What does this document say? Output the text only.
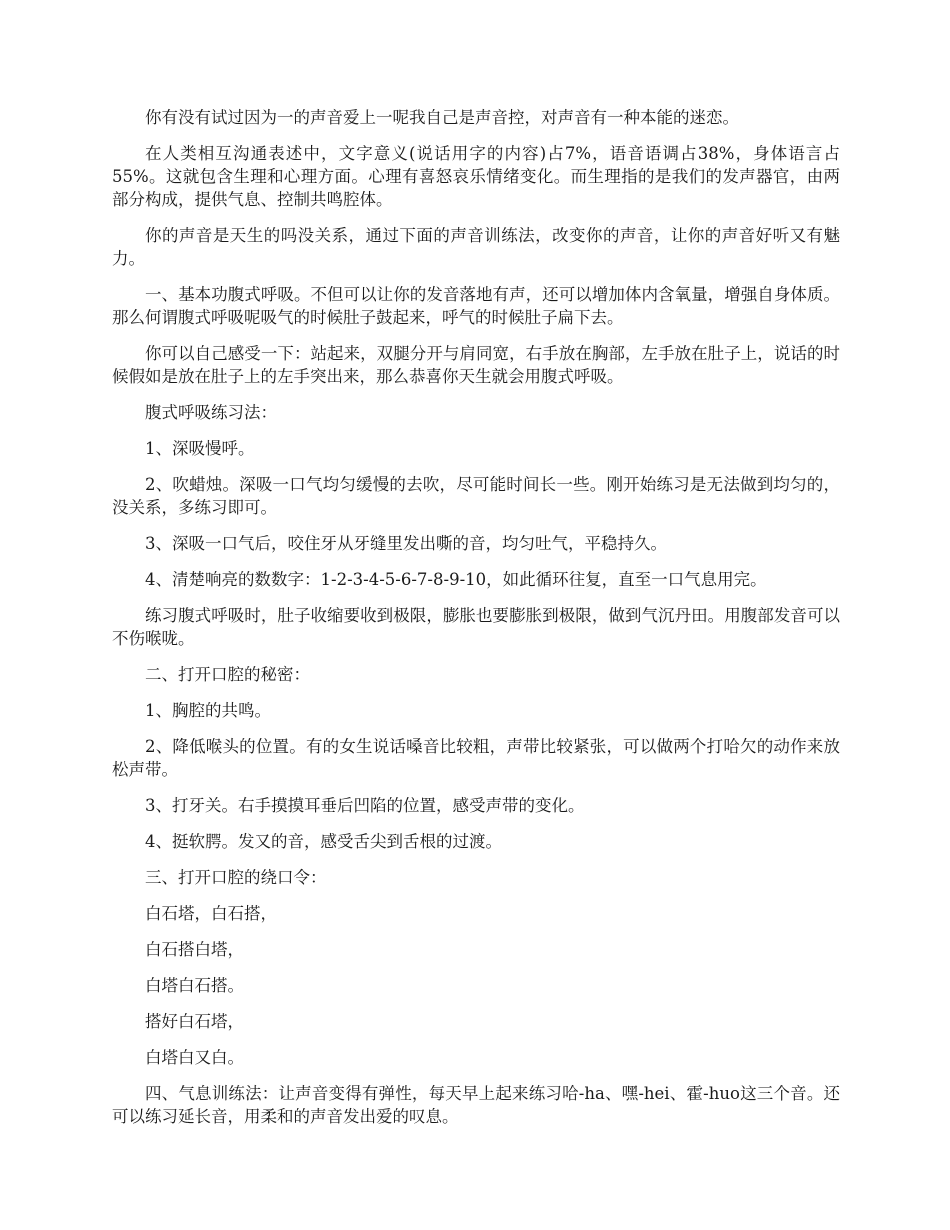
你有没有试过因为一的声音爱上一呢我自己是声音控，对声音有一种本能的迷恋。

在人类相互沟通表述中，文字意义(说话用字的内容)占7%，语音语调占38%，身体语言占55%。这就包含生理和心理方面。心理有喜怒哀乐情绪变化。而生理指的是我们的发声器官，由两部分构成，提供气息、控制共鸣腔体。

你的声音是天生的吗没关系，通过下面的声音训练法，改变你的声音，让你的声音好听又有魅力。

一、基本功腹式呼吸。不但可以让你的发音落地有声，还可以增加体内含氧量，增强自身体质。那么何谓腹式呼吸呢吸气的时候肚子鼓起来，呼气的时候肚子扁下去。

你可以自己感受一下：站起来，双腿分开与肩同宽，右手放在胸部，左手放在肚子上，说话的时候假如是放在肚子上的左手突出来，那么恭喜你天生就会用腹式呼吸。

腹式呼吸练习法：

1、深吸慢呼。

2、吹蜡烛。深吸一口气均匀缓慢的去吹，尽可能时间长一些。刚开始练习是无法做到均匀的，没关系，多练习即可。

3、深吸一口气后，咬住牙从牙缝里发出嘶的音，均匀吐气，平稳持久。

4、清楚响亮的数数字：1-2-3-4-5-6-7-8-9-10，如此循环往复，直至一口气息用完。

练习腹式呼吸时，肚子收缩要收到极限，膨胀也要膨胀到极限，做到气沉丹田。用腹部发音可以不伤喉咙。

二、打开口腔的秘密：

1、胸腔的共鸣。

2、降低喉头的位置。有的女生说话嗓音比较粗，声带比较紧张，可以做两个打哈欠的动作来放松声带。

3、打牙关。右手摸摸耳垂后凹陷的位置，感受声带的变化。

4、挺软腭。发又的音，感受舌尖到舌根的过渡。

三、打开口腔的绕口令：

白石塔，白石搭，

白石搭白塔，

白塔白石搭。

搭好白石塔，

白塔白又白。

四、气息训练法：让声音变得有弹性，每天早上起来练习哈-ha、嘿-hei、霍-huo这三个音。还可以练习延长音，用柔和的声音发出爱的叹息。
